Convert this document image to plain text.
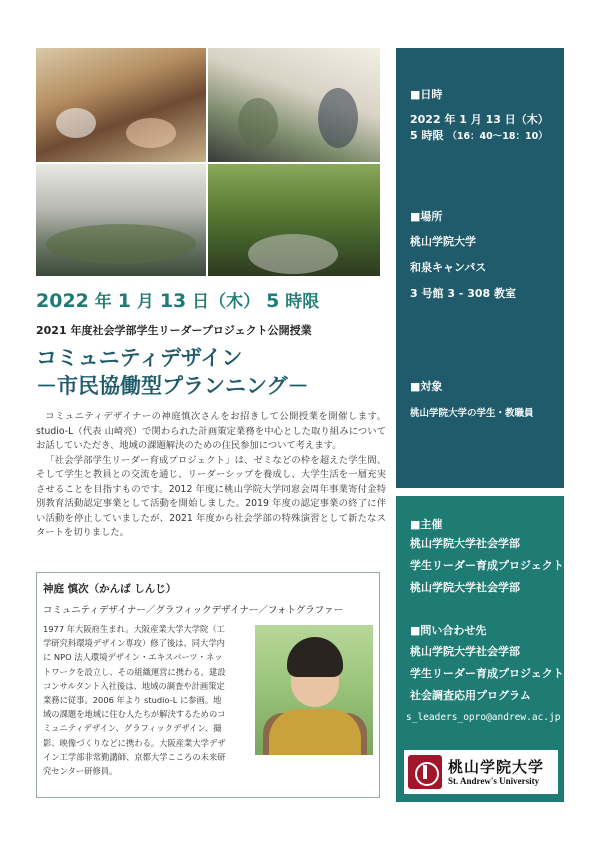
2022 年 1 月 13 日（木） 5 時限
2021 年度社会学部学生リーダープロジェクト公開授業
コミュニティデザイン
－市民協働型プランニング－

コミュニティデザイナーの神庭慎次さんをお招きして公開授業を開催します。studio-L（代表 山崎亮）で関わられた計画策定業務を中心とした取り組みについてお話していただき、地域の課題解決のための住民参加について考えます。

「社会学部学生リーダー育成プロジェクト」は、ゼミなどの枠を超えた学生間、そして学生と教員との交流を通じ、リーダーシップを養成し、大学生活を一層充実させることを目指すものです。2012 年度に桃山学院大学同窓会周年事業寄付金特別教育活動認定事業として活動を開始しました。2019 年度の認定事業の終了に伴い活動を停止していましたが、2021 年度から社会学部の特殊演習として新たなスタートを切りました。

神庭 慎次（かんば しんじ）
コミュニティデザイナー／グラフィックデザイナー／フォトグラファー
1977 年大阪府生まれ。大阪産業大学大学院（工
学研究科環境デザイン専攻）修了後は、同大学内
に NPO 法人環境デザイン・エキスパーツ・ネッ
トワークを設立し、その組織運営に携わる。建設
コンサルタント入社後は、地域の調査や計画策定
業務に従事。2006 年より studio-L に参画。地
域の課題を地域に住む人たちが解決するためのコ
ミュニティデザイン、グラフィックデザイン、撮
影、映像づくりなどに携わる。大阪産業大学デザ
イン工学部非常勤講師、京都大学こころの未来研
究センター研修員。
■日時
2022 年 1 月 13 日（木）
5 時限 （16：40～18：10）
■場所
桃山学院大学
和泉キャンパス
3 号館 3 - 308 教室
■対象
桃山学院大学の学生・教職員
■主催
桃山学院大学社会学部
学生リーダー育成プロジェクト
桃山学院大学社会学部
■問い合わせ先
桃山学院大学社会学部
学生リーダー育成プロジェクト
社会調査応用プログラム
s_leaders_opro@andrew.ac.jp
桃山学院大学
St. Andrew's University
